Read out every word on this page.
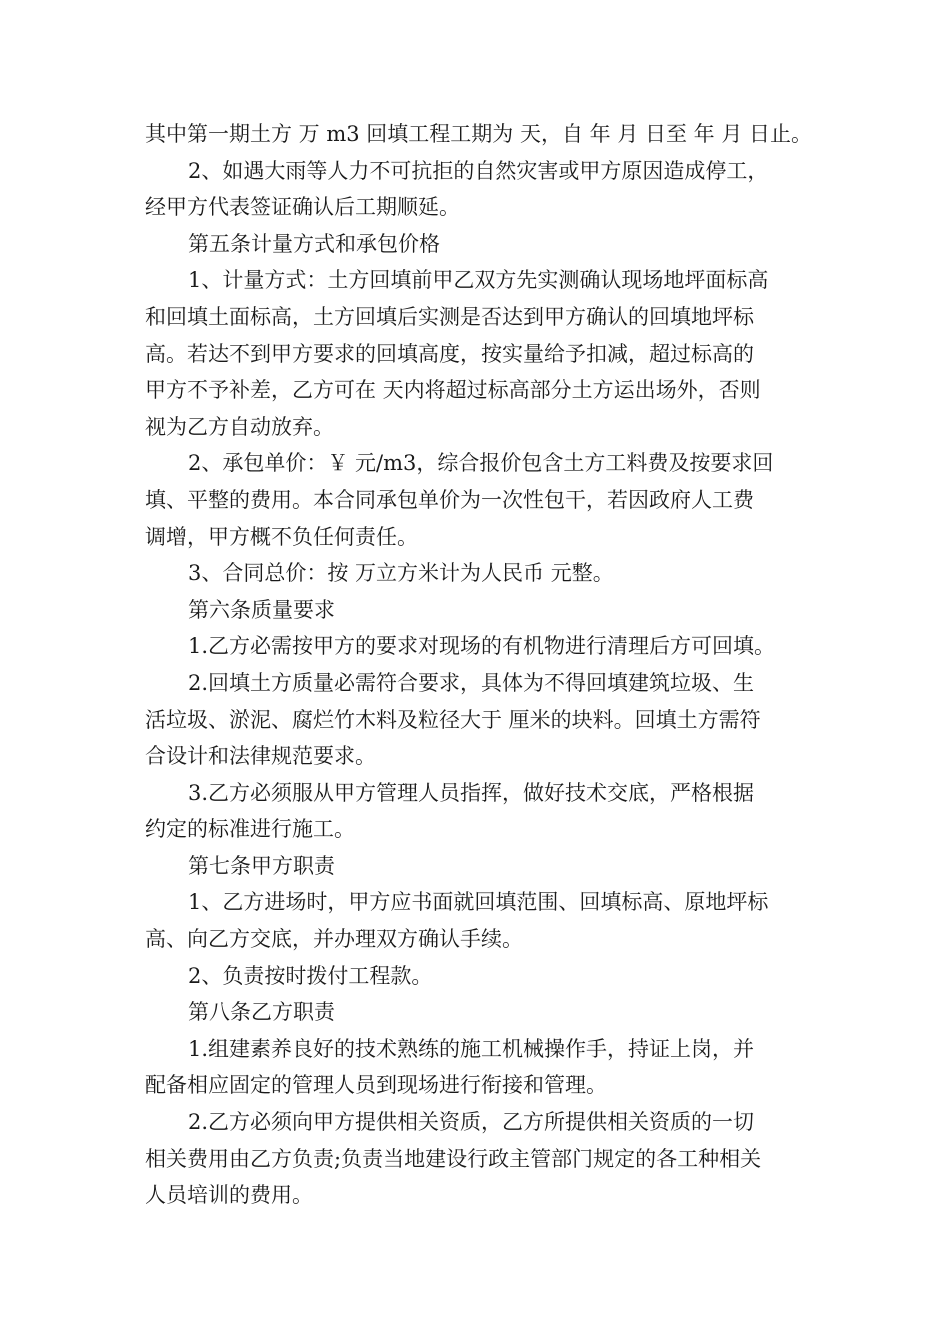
其中第一期土方 万 m3 回填工程工期为 天，自 年 月 日至 年 月 日止。
2、如遇大雨等人力不可抗拒的自然灾害或甲方原因造成停工，
经甲方代表签证确认后工期顺延。
第五条计量方式和承包价格
1、计量方式：土方回填前甲乙双方先实测确认现场地坪面标高
和回填土面标高，土方回填后实测是否达到甲方确认的回填地坪标
高。若达不到甲方要求的回填高度，按实量给予扣减，超过标高的
甲方不予补差，乙方可在 天内将超过标高部分土方运出场外，否则
视为乙方自动放弃。
2、承包单价：￥ 元/m3，综合报价包含土方工料费及按要求回
填、平整的费用。本合同承包单价为一次性包干，若因政府人工费
调增，甲方概不负任何责任。
3、合同总价：按 万立方米计为人民币 元整。
第六条质量要求
1.乙方必需按甲方的要求对现场的有机物进行清理后方可回填。
2.回填土方质量必需符合要求，具体为不得回填建筑垃圾、生
活垃圾、淤泥、腐烂竹木料及粒径大于 厘米的块料。回填土方需符
合设计和法律规范要求。
3.乙方必须服从甲方管理人员指挥，做好技术交底，严格根据
约定的标准进行施工。
第七条甲方职责
1、乙方进场时，甲方应书面就回填范围、回填标高、原地坪标
高、向乙方交底，并办理双方确认手续。
2、负责按时拨付工程款。
第八条乙方职责
1.组建素养良好的技术熟练的施工机械操作手，持证上岗，并
配备相应固定的管理人员到现场进行衔接和管理。
2.乙方必须向甲方提供相关资质，乙方所提供相关资质的一切
相关费用由乙方负责;负责当地建设行政主管部门规定的各工种相关
人员培训的费用。
